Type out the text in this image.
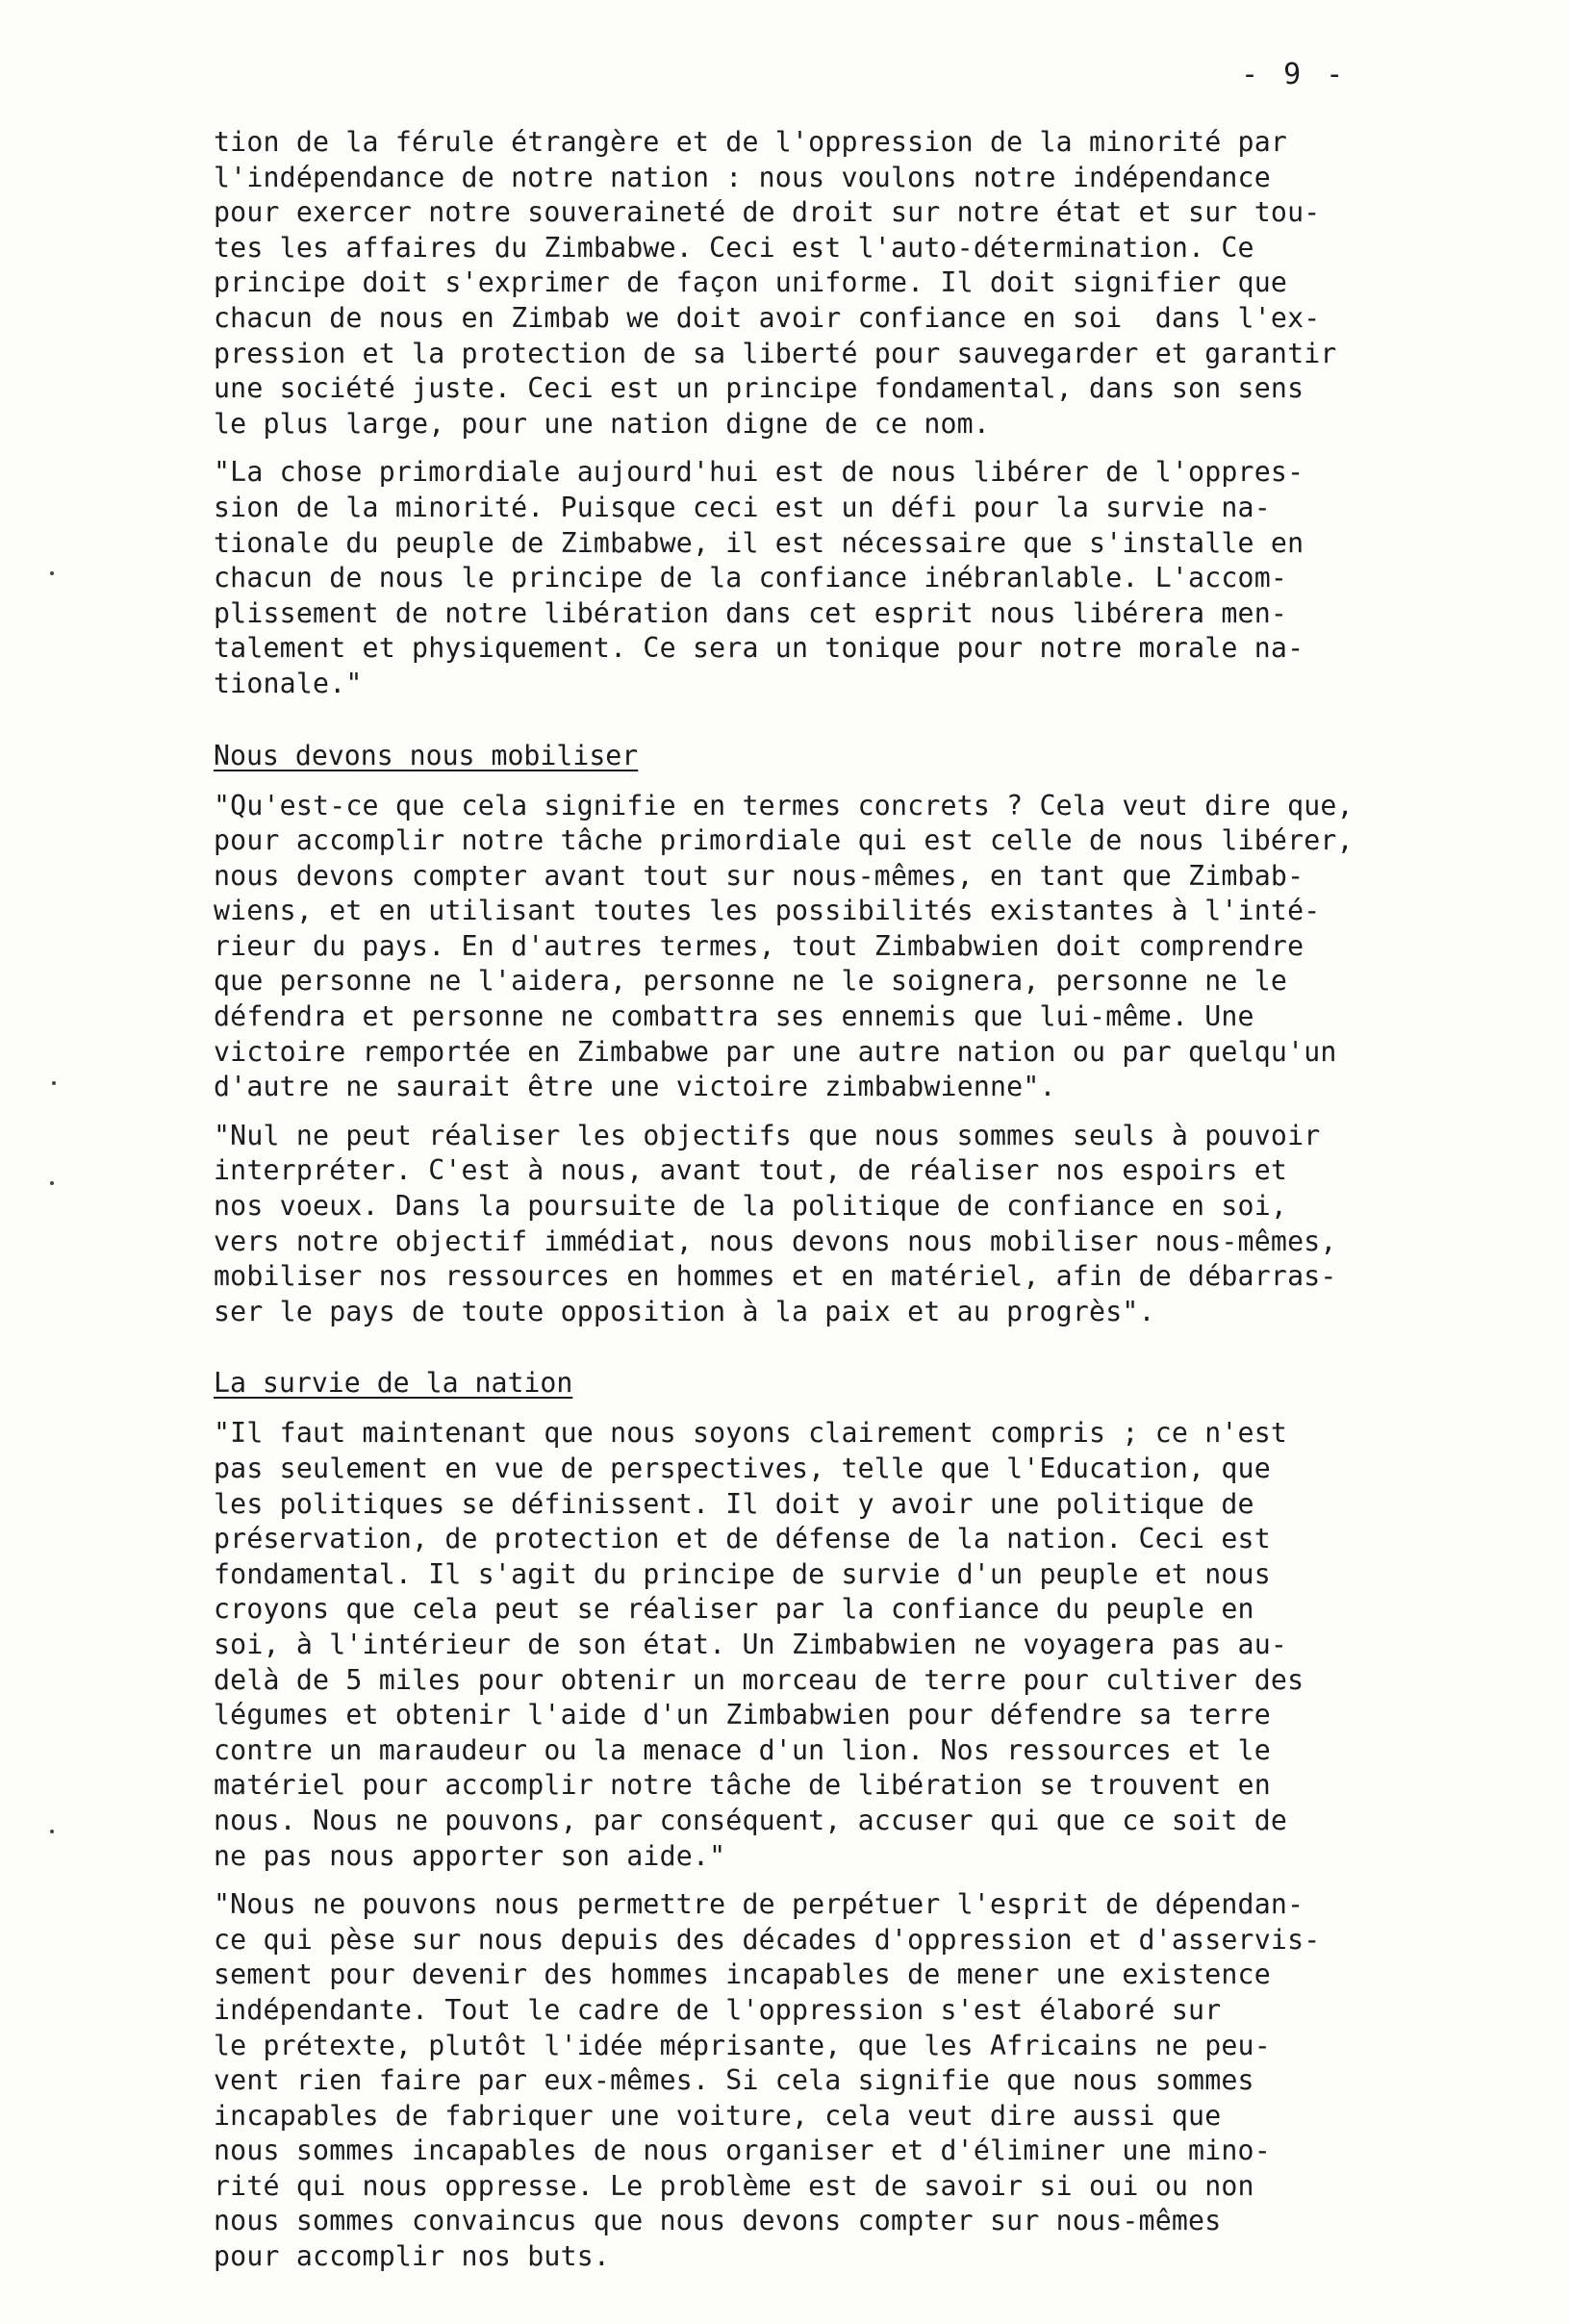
- 9 -

tion de la férule étrangère et de l'oppression de la minorité par
l'indépendance de notre nation : nous voulons notre indépendance
pour exercer notre souveraineté de droit sur notre état et sur tou-
tes les affaires du Zimbabwe. Ceci est l'auto-détermination. Ce
principe doit s'exprimer de façon uniforme. Il doit signifier que
chacun de nous en Zimbab we doit avoir confiance en soi  dans l'ex-
pression et la protection de sa liberté pour sauvegarder et garantir
une société juste. Ceci est un principe fondamental, dans son sens
le plus large, pour une nation digne de ce nom.

"La chose primordiale aujourd'hui est de nous libérer de l'oppres-
sion de la minorité. Puisque ceci est un défi pour la survie na-
tionale du peuple de Zimbabwe, il est nécessaire que s'installe en
chacun de nous le principe de la confiance inébranlable. L'accom-
plissement de notre libération dans cet esprit nous libérera men-
talement et physiquement. Ce sera un tonique pour notre morale na-
tionale."

Nous devons nous mobiliser

"Qu'est-ce que cela signifie en termes concrets ? Cela veut dire que,
pour accomplir notre tâche primordiale qui est celle de nous libérer,
nous devons compter avant tout sur nous-mêmes, en tant que Zimbab-
wiens, et en utilisant toutes les possibilités existantes à l'inté-
rieur du pays. En d'autres termes, tout Zimbabwien doit comprendre
que personne ne l'aidera, personne ne le soignera, personne ne le
défendra et personne ne combattra ses ennemis que lui-même. Une
victoire remportée en Zimbabwe par une autre nation ou par quelqu'un
d'autre ne saurait être une victoire zimbabwienne".

"Nul ne peut réaliser les objectifs que nous sommes seuls à pouvoir
interpréter. C'est à nous, avant tout, de réaliser nos espoirs et
nos voeux. Dans la poursuite de la politique de confiance en soi,
vers notre objectif immédiat, nous devons nous mobiliser nous-mêmes,
mobiliser nos ressources en hommes et en matériel, afin de débarras-
ser le pays de toute opposition à la paix et au progrès".

La survie de la nation

"Il faut maintenant que nous soyons clairement compris ; ce n'est
pas seulement en vue de perspectives, telle que l'Education, que
les politiques se définissent. Il doit y avoir une politique de
préservation, de protection et de défense de la nation. Ceci est
fondamental. Il s'agit du principe de survie d'un peuple et nous
croyons que cela peut se réaliser par la confiance du peuple en
soi, à l'intérieur de son état. Un Zimbabwien ne voyagera pas au-
delà de 5 miles pour obtenir un morceau de terre pour cultiver des
légumes et obtenir l'aide d'un Zimbabwien pour défendre sa terre
contre un maraudeur ou la menace d'un lion. Nos ressources et le
matériel pour accomplir notre tâche de libération se trouvent en
nous. Nous ne pouvons, par conséquent, accuser qui que ce soit de
ne pas nous apporter son aide."

"Nous ne pouvons nous permettre de perpétuer l'esprit de dépendan-
ce qui pèse sur nous depuis des décades d'oppression et d'asservis-
sement pour devenir des hommes incapables de mener une existence
indépendante. Tout le cadre de l'oppression s'est élaboré sur
le prétexte, plutôt l'idée méprisante, que les Africains ne peu-
vent rien faire par eux-mêmes. Si cela signifie que nous sommes
incapables de fabriquer une voiture, cela veut dire aussi que
nous sommes incapables de nous organiser et d'éliminer une mino-
rité qui nous oppresse. Le problème est de savoir si oui ou non
nous sommes convaincus que nous devons compter sur nous-mêmes
pour accomplir nos buts.
